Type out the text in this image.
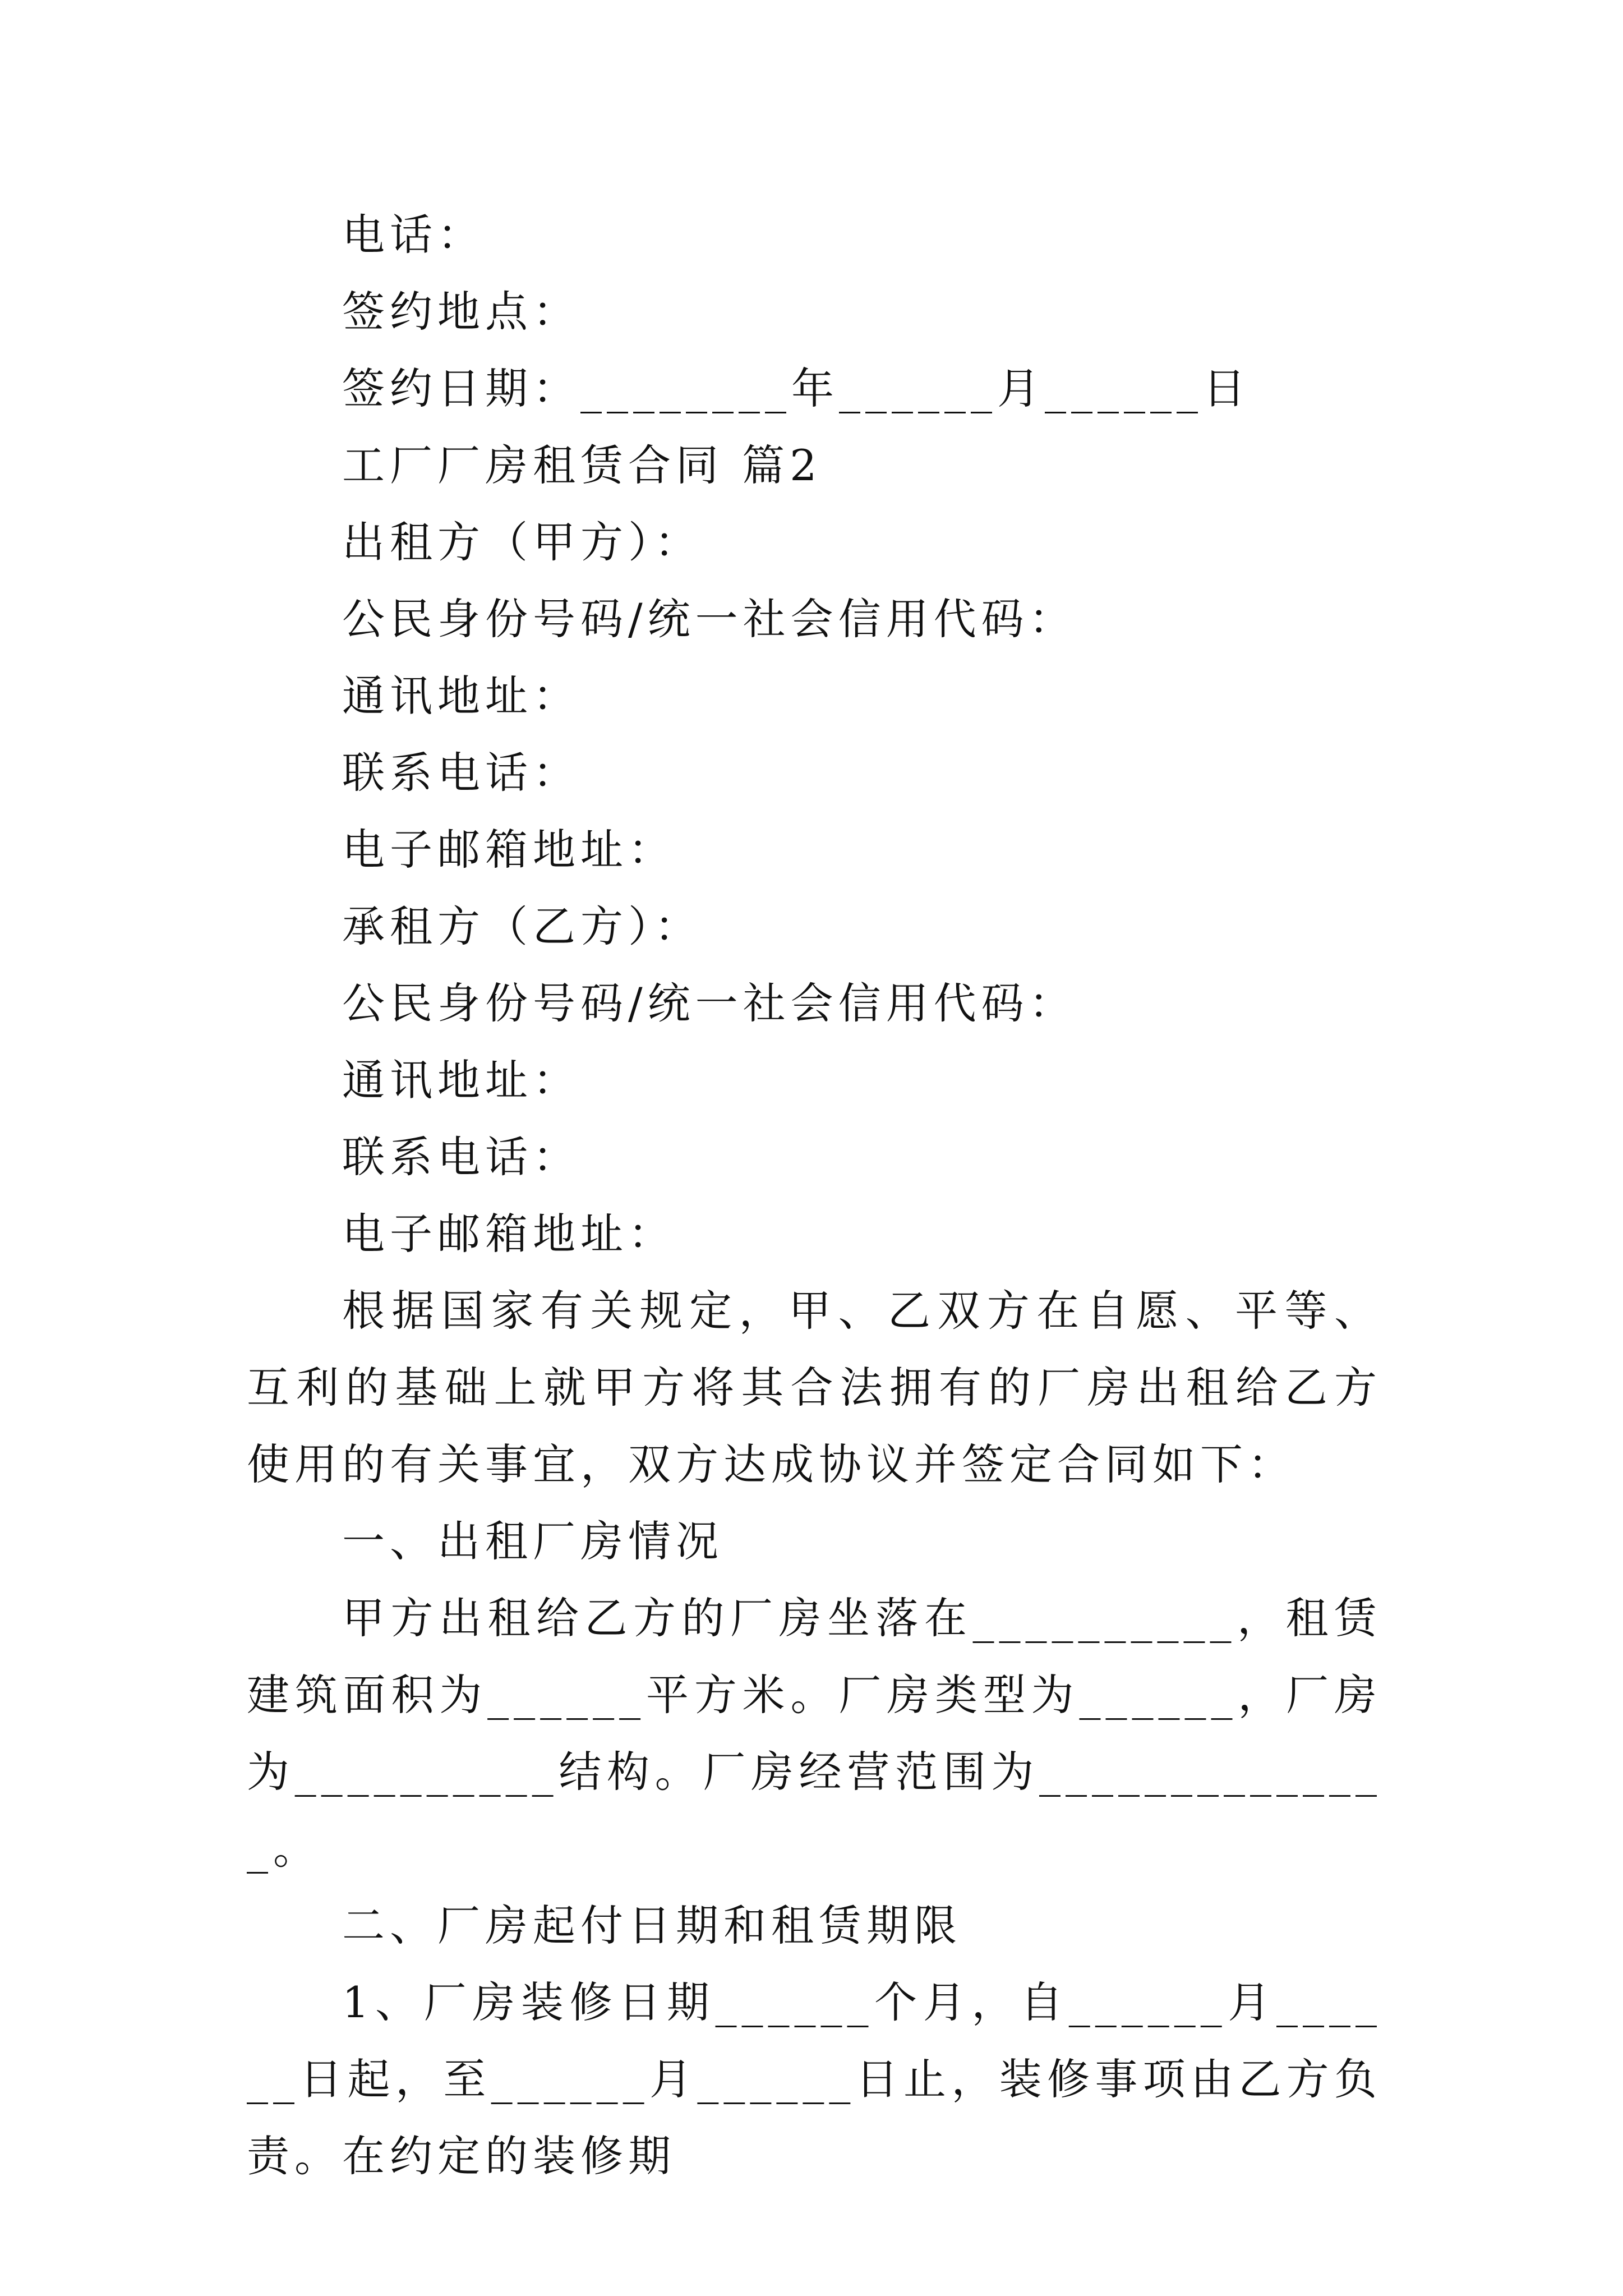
电话：
签约地点：
签约日期：________年______月______日
工厂厂房租赁合同 篇2
出租方（甲方）：
公民身份号码/统一社会信用代码：
通讯地址：
联系电话：
电子邮箱地址：
承租方（乙方）：
公民身份号码/统一社会信用代码：
通讯地址：
联系电话：
电子邮箱地址：
根据国家有关规定，甲、乙双方在自愿、平等、互利的基础上就甲方将其合法拥有的厂房出租给乙方使用的有关事宜，双方达成协议并签定合同如下：
一、出租厂房情况
甲方出租给乙方的厂房坐落在__________，租赁建筑面积为______平方米。厂房类型为______，厂房为__________结构。厂房经营范围为______________。
二、厂房起付日期和租赁期限
1、厂房装修日期______个月，自______月______日起，至______月______日止，装修事项由乙方负责。在约定的装修期
